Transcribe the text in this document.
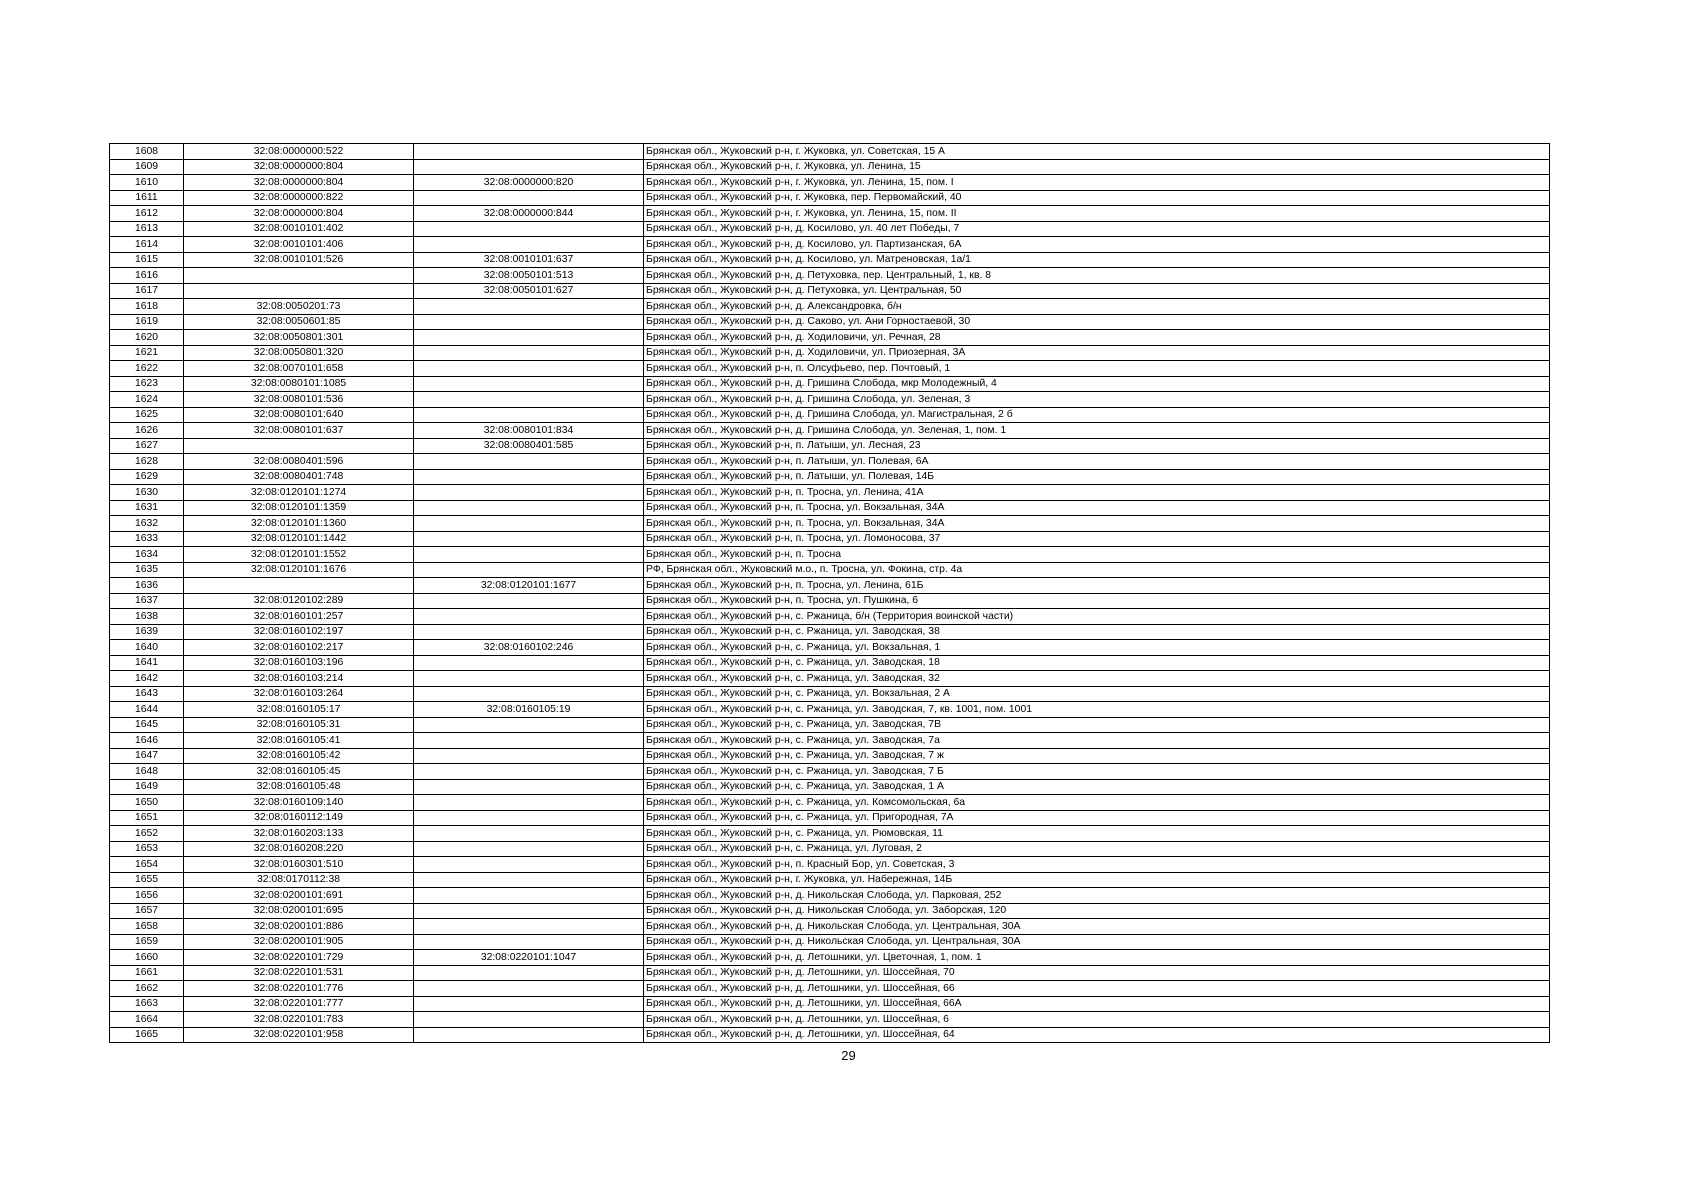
1608	32:08:0000000:522		Брянская обл., Жуковский р-н, г. Жуковка, ул. Советская, 15 А
1609	32:08:0000000:804		Брянская обл., Жуковский р-н, г. Жуковка, ул. Ленина, 15
1610	32:08:0000000:804	32:08:0000000:820	Брянская обл., Жуковский р-н, г. Жуковка, ул. Ленина, 15, пом. I
1611	32:08:0000000:822		Брянская обл., Жуковский р-н, г. Жуковка, пер. Первомайский, 40
1612	32:08:0000000:804	32:08:0000000:844	Брянская обл., Жуковский р-н, г. Жуковка, ул. Ленина, 15, пом. II
1613	32:08:0010101:402		Брянская обл., Жуковский р-н, д. Косилово, ул. 40 лет Победы, 7
1614	32:08:0010101:406		Брянская обл., Жуковский р-н, д. Косилово, ул. Партизанская, 6А
1615	32:08:0010101:526	32:08:0010101:637	Брянская обл., Жуковский р-н, д. Косилово, ул. Матреновская, 1а/1
1616		32:08:0050101:513	Брянская обл., Жуковский р-н, д. Петуховка, пер. Центральный, 1, кв. 8
1617		32:08:0050101:627	Брянская обл., Жуковский р-н, д. Петуховка, ул. Центральная, 50
1618	32:08:0050201:73		Брянская обл., Жуковский р-н, д. Александровка, б/н
1619	32:08:0050601:85		Брянская обл., Жуковский р-н, д. Саково, ул. Ани Горностаевой, 30
1620	32:08:0050801:301		Брянская обл., Жуковский р-н, д. Ходиловичи, ул. Речная, 28
1621	32:08:0050801:320		Брянская обл., Жуковский р-н, д. Ходиловичи, ул. Приозерная, 3А
1622	32:08:0070101:658		Брянская обл., Жуковский р-н, п. Олсуфьево, пер. Почтовый, 1
1623	32:08:0080101:1085		Брянская обл., Жуковский р-н, д. Гришина Слобода, мкр Молодежный, 4
1624	32:08:0080101:536		Брянская обл., Жуковский р-н, д. Гришина Слобода, ул. Зеленая, 3
1625	32:08:0080101:640		Брянская обл., Жуковский р-н, д. Гришина Слобода, ул. Магистральная, 2 б
1626	32:08:0080101:637	32:08:0080101:834	Брянская обл., Жуковский р-н, д. Гришина Слобода, ул. Зеленая, 1, пом. 1
1627		32:08:0080401:585	Брянская обл., Жуковский р-н, п. Латыши, ул. Лесная, 23
1628	32:08:0080401:596		Брянская обл., Жуковский р-н, п. Латыши, ул. Полевая, 6А
1629	32:08:0080401:748		Брянская обл., Жуковский р-н, п. Латыши, ул. Полевая, 14Б
1630	32:08:0120101:1274		Брянская обл., Жуковский р-н, п. Тросна, ул. Ленина, 41А
1631	32:08:0120101:1359		Брянская обл., Жуковский р-н, п. Тросна, ул. Вокзальная, 34А
1632	32:08:0120101:1360		Брянская обл., Жуковский р-н, п. Тросна, ул. Вокзальная, 34А
1633	32:08:0120101:1442		Брянская обл., Жуковский р-н, п. Тросна, ул. Ломоносова, 37
1634	32:08:0120101:1552		Брянская обл., Жуковский р-н, п. Тросна
1635	32:08:0120101:1676		РФ, Брянская обл., Жуковский м.о., п. Тросна, ул. Фокина, стр. 4а
1636		32:08:0120101:1677	Брянская обл., Жуковский р-н, п. Тросна, ул. Ленина, 61Б
1637	32:08:0120102:289		Брянская обл., Жуковский р-н, п. Тросна, ул. Пушкина, 6
1638	32:08:0160101:257		Брянская обл., Жуковский р-н, с. Ржаница, б/н (Территория воинской части)
1639	32:08:0160102:197		Брянская обл., Жуковский р-н, с. Ржаница, ул. Заводская, 38
1640	32:08:0160102:217	32:08:0160102:246	Брянская обл., Жуковский р-н, с. Ржаница, ул. Вокзальная, 1
1641	32:08:0160103:196		Брянская обл., Жуковский р-н, с. Ржаница, ул. Заводская, 18
1642	32:08:0160103:214		Брянская обл., Жуковский р-н, с. Ржаница, ул. Заводская, 32
1643	32:08:0160103:264		Брянская обл., Жуковский р-н, с. Ржаница, ул. Вокзальная, 2 А
1644	32:08:0160105:17	32:08:0160105:19	Брянская обл., Жуковский р-н, с. Ржаница, ул. Заводская, 7, кв. 1001, пом. 1001
1645	32:08:0160105:31		Брянская обл., Жуковский р-н, с. Ржаница, ул. Заводская, 7В
1646	32:08:0160105:41		Брянская обл., Жуковский р-н, с. Ржаница, ул. Заводская, 7а
1647	32:08:0160105:42		Брянская обл., Жуковский р-н, с. Ржаница, ул. Заводская, 7 ж
1648	32:08:0160105:45		Брянская обл., Жуковский р-н, с. Ржаница, ул. Заводская, 7 Б
1649	32:08:0160105:48		Брянская обл., Жуковский р-н, с. Ржаница, ул. Заводская, 1 А
1650	32:08:0160109:140		Брянская обл., Жуковский р-н, с. Ржаница, ул. Комсомольская, 6а
1651	32:08:0160112:149		Брянская обл., Жуковский р-н, с. Ржаница, ул. Пригородная, 7А
1652	32:08:0160203:133		Брянская обл., Жуковский р-н, с. Ржаница, ул. Рюмовская, 11
1653	32:08:0160208:220		Брянская обл., Жуковский р-н, с. Ржаница, ул. Луговая, 2
1654	32:08:0160301:510		Брянская обл., Жуковский р-н, п. Красный Бор, ул. Советская, 3
1655	32:08:0170112:38		Брянская обл., Жуковский р-н, г. Жуковка, ул. Набережная, 14Б
1656	32:08:0200101:691		Брянская обл., Жуковский р-н, д. Никольская Слобода, ул. Парковая, 252
1657	32:08:0200101:695		Брянская обл., Жуковский р-н, д. Никольская Слобода, ул. Заборская, 120
1658	32:08:0200101:886		Брянская обл., Жуковский р-н, д. Никольская Слобода, ул. Центральная, 30А
1659	32:08:0200101:905		Брянская обл., Жуковский р-н, д. Никольская Слобода, ул. Центральная, 30А
1660	32:08:0220101:729	32:08:0220101:1047	Брянская обл., Жуковский р-н, д. Летошники, ул. Цветочная, 1, пом. 1
1661	32:08:0220101:531		Брянская обл., Жуковский р-н, д. Летошники, ул. Шоссейная, 70
1662	32:08:0220101:776		Брянская обл., Жуковский р-н, д. Летошники, ул. Шоссейная, 66
1663	32:08:0220101:777		Брянская обл., Жуковский р-н, д. Летошники, ул. Шоссейная, 66А
1664	32:08:0220101:783		Брянская обл., Жуковский р-н, д. Летошники, ул. Шоссейная, 6
1665	32:08:0220101:958		Брянская обл., Жуковский р-н, д. Летошники, ул. Шоссейная, 64
29
